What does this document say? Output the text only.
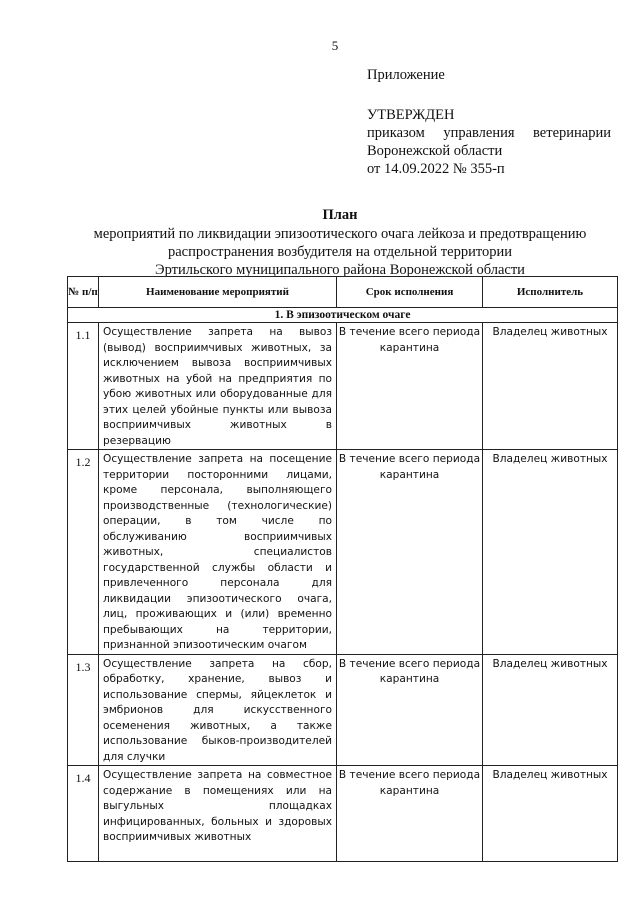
5
Приложение
УТВЕРЖДЕН
приказом управления ветеринарии
Воронежской области
от 14.09.2022 № 355-п
План
мероприятий по ликвидации эпизоотического очага лейкоза и предотвращению
распространения возбудителя на отдельной территории
Эртильского муниципального района Воронежской области
№ п/п	Наименование мероприятий	Срок исполнения	Исполнитель
1. В эпизоотическом очаге			
1.1	Осуществление запрета на вывоз (вывод) восприимчивых животных, за исключением вывоза восприимчивых животных на убой на предприятия по убою животных или оборудованные для этих целей убойные пункты или вывоза восприимчивых животных в резервацию	В течение всего периода карантина	Владелец животных
1.2	Осуществление запрета на посещение территории посторонними лицами, кроме персонала, выполняющего производственные (технологические) операции, в том числе по обслуживанию восприимчивых животных, специалистов государственной службы области и привлеченного персонала для ликвидации эпизоотического очага, лиц, проживающих и (или) временно пребывающих на территории, признанной эпизоотическим очагом	В течение всего периода карантина	Владелец животных
1.3	Осуществление запрета на сбор, обработку, хранение, вывоз и использование спермы, яйцеклеток и эмбрионов для искусственного осеменения животных, а также использование быков-производителей для случки	В течение всего периода карантина	Владелец животных
1.4	Осуществление запрета на совместное содержание в помещениях или на выгульных площадках инфицированных, больных и здоровых восприимчивых животных	В течение всего периода карантина	Владелец животных
